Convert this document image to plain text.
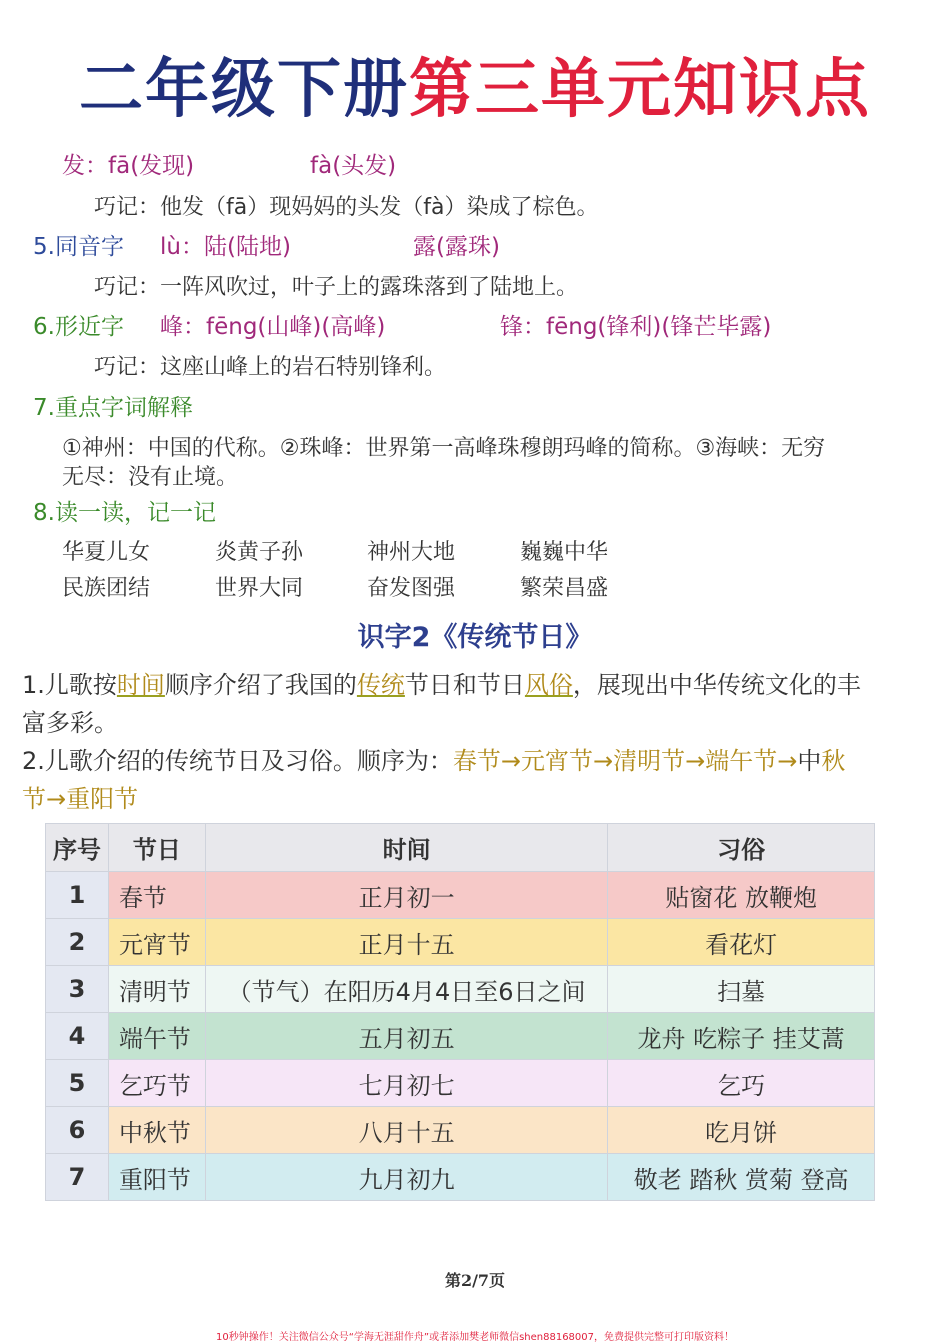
二年级下册第三单元知识点
发：fā(发现)	fà(头发)
巧记：他发（fā）现妈妈的头发（fà）染成了棕色。
5.同音字 lù：陆(陆地)	露(露珠)
巧记：一阵风吹过，叶子上的露珠落到了陆地上。
6.形近字 峰：fēng(山峰)(高峰)	锋：fēng(锋利)(锋芒毕露)
巧记：这座山峰上的岩石特别锋利。
7.重点字词解释
①神州：中国的代称。②珠峰：世界第一高峰珠穆朗玛峰的简称。③海峡：无穷
无尽：没有止境。
8.读一读，记一记
华夏儿女	炎黄子孙	神州大地	巍巍中华
民族团结	世界大同	奋发图强	繁荣昌盛
识字2《传统节日》
1.儿歌按时间顺序介绍了我国的传统节日和节日风俗，展现出中华传统文化的丰
富多彩。
2.儿歌介绍的传统节日及习俗。顺序为：春节→元宵节→清明节→端午节→中秋
节→重阳节
序号	节日	时间	习俗
1	春节	正月初一	贴窗花 放鞭炮
2	元宵节	正月十五	看花灯
3	清明节	（节气）在阳历4月4日至6日之间	扫墓
4	端午节	五月初五	龙舟 吃粽子 挂艾蒿
5	乞巧节	七月初七	乞巧
6	中秋节	八月十五	吃月饼
7	重阳节	九月初九	敬老 踏秋 赏菊 登高
第2/7页
10秒钟操作！关注微信公众号“学海无涯甜作舟”或者添加樊老师微信shen88168007，免费提供完整可打印版资料！
